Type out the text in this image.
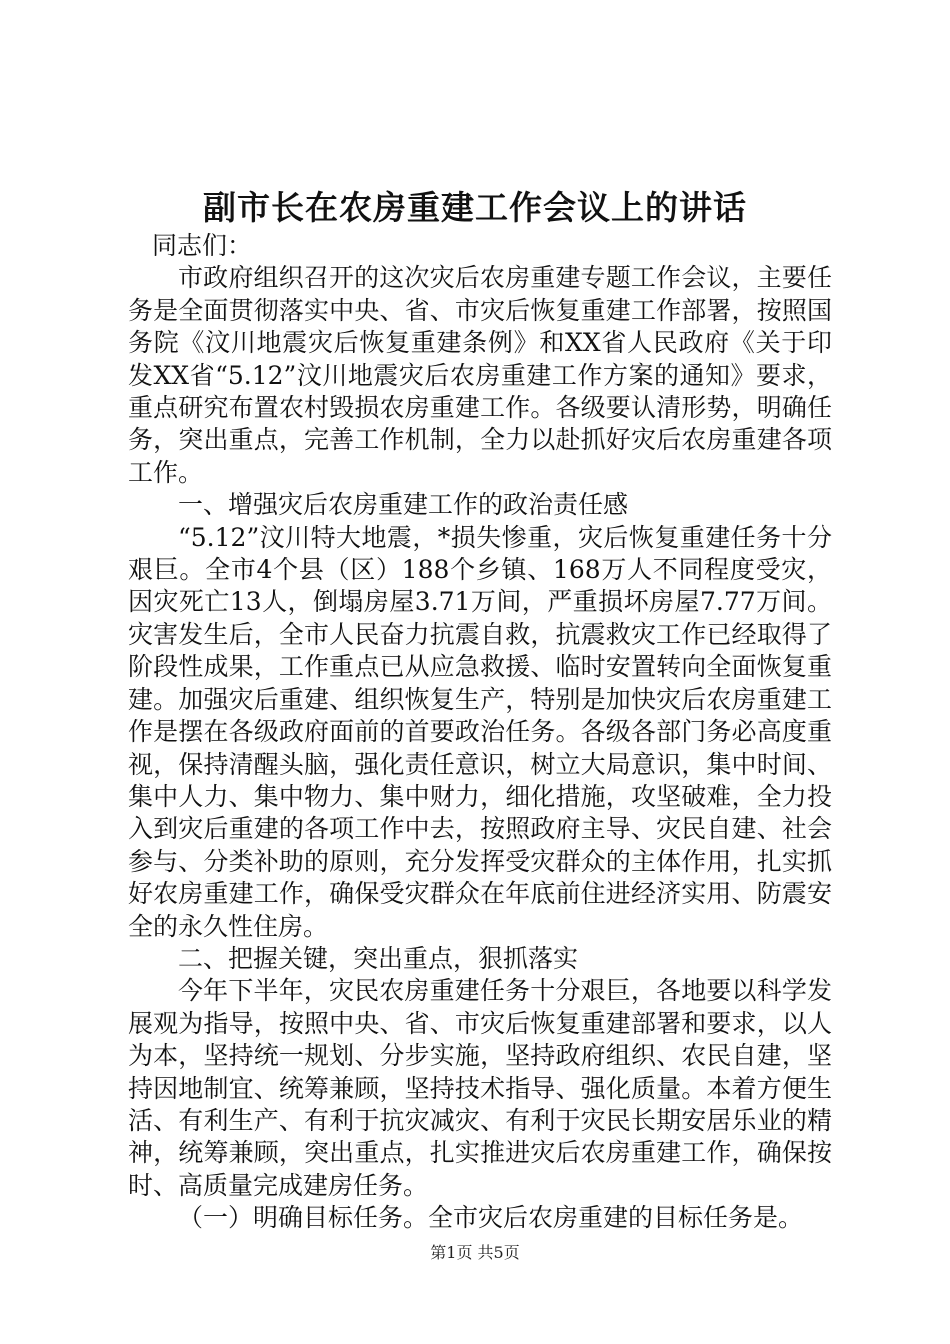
副市长在农房重建工作会议上的讲话

同志们：

市政府组织召开的这次灾后农房重建专题工作会议，主要任务是全面贯彻落实中央、省、市灾后恢复重建工作部署，按照国务院《汶川地震灾后恢复重建条例》和XX省人民政府《关于印发XX省“5.12”汶川地震灾后农房重建工作方案的通知》要求，重点研究布置农村毁损农房重建工作。各级要认清形势，明确任务，突出重点，完善工作机制，全力以赴抓好灾后农房重建各项工作。

一、增强灾后农房重建工作的政治责任感

“5.12”汶川特大地震，*损失惨重，灾后恢复重建任务十分艰巨。全市4个县（区）188个乡镇、168万人不同程度受灾，因灾死亡13人，倒塌房屋3.71万间，严重损坏房屋7.77万间。灾害发生后，全市人民奋力抗震自救，抗震救灾工作已经取得了阶段性成果，工作重点已从应急救援、临时安置转向全面恢复重建。加强灾后重建、组织恢复生产，特别是加快灾后农房重建工作是摆在各级政府面前的首要政治任务。各级各部门务必高度重视，保持清醒头脑，强化责任意识，树立大局意识，集中时间、集中人力、集中物力、集中财力，细化措施，攻坚破难，全力投入到灾后重建的各项工作中去，按照政府主导、灾民自建、社会参与、分类补助的原则，充分发挥受灾群众的主体作用，扎实抓好农房重建工作，确保受灾群众在年底前住进经济实用、防震安全的永久性住房。

二、把握关键，突出重点，狠抓落实

今年下半年，灾民农房重建任务十分艰巨，各地要以科学发展观为指导，按照中央、省、市灾后恢复重建部署和要求，以人为本，坚持统一规划、分步实施，坚持政府组织、农民自建，坚持因地制宜、统筹兼顾，坚持技术指导、强化质量。本着方便生活、有利生产、有利于抗灾减灾、有利于灾民长期安居乐业的精神，统筹兼顾，突出重点，扎实推进灾后农房重建工作，确保按时、高质量完成建房任务。

（一）明确目标任务。全市灾后农房重建的目标任务是。

第1页 共5页
